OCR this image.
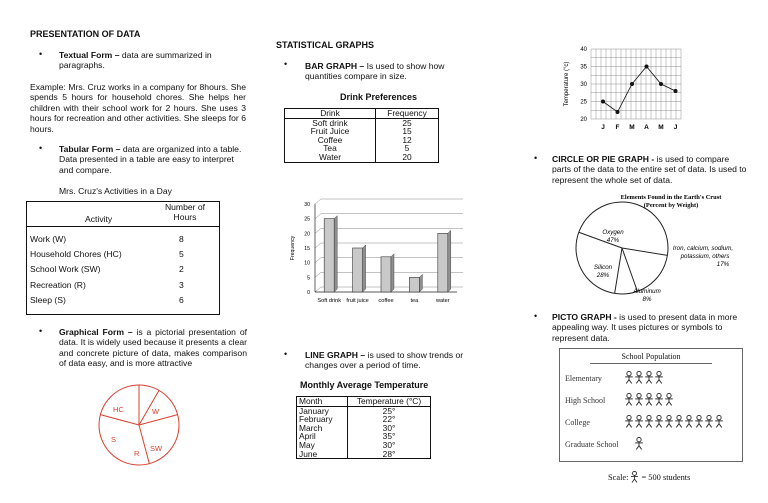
PRESENTATION OF DATA
• Textual Form – data are summarized in paragraphs.
Example: Mrs. Cruz works in a company for 8hours. She spends 5 hours for household chores. She helps her children with their school work for 2 hours. She uses 3 hours for recreation and other activities. She sleeps for 6 hours.
• Tabular Form – data are organized into a table. Data presented in a table are easy to interpret and compare.
Mrs. Cruz's Activities in a Day
Activity
Number of Hours
Work (W)	8
Household Chores (HC)	5
School Work (SW)	2
Recreation (R)	3
Sleep (S)	6
• Graphical Form – is a pictorial presentation of data. It is widely used because it presents a clear and concrete picture of data, makes comparison of data easy, and is more attractive
HC	W
S
R
SW
STATISTICAL GRAPHS
• BAR GRAPH – Is used to show how quantities compare in size.
Drink Preferences
Drink	Frequency
Soft drink	25
Fruit Juice	15
Coffee	12
Tea	5
Water	20
0
5
10
15
20
25
30
Frequency
Soft drink fruit juice coffee	tea	water
• LINE GRAPH – is used to show trends or changes over a period of time.
Monthly Average Temperature
Month	Temperature (°C)
January	25°
February	22°
March	30°
April	35°
May	30°
June	28°
20
25
30
35
40
Temperature (°c)
J F M A M J
• CIRCLE OR PIE GRAPH - is used to compare parts of the data to the entire set of data. Is used to represent the whole set of data.
Elements Found in the Earth's Crust
(Percent by Weight)
Oxygen
47%
Iron, calcium, sodium,
potassium, others
17%
Silicon
28%
Aluminum
8%
• PICTO GRAPH - is used to present data in more appealing way. It uses pictures or symbols to represent data.
School Population
Elementary
High School
College
Graduate School
Scale: = 500 students
